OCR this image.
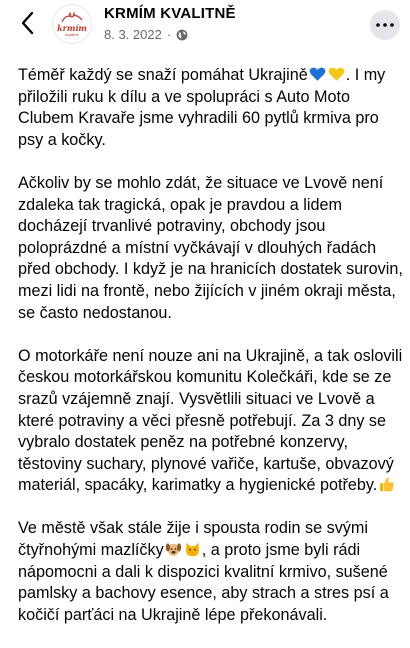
krmím
kvalitně
KRMÍM KVALITNĚ
8. 3. 2022 ·

Téměř každý se snaží pomáhat Ukrajině . I my přiložili ruku k dílu a ve spolupráci s Auto Moto Clubem Kravaře jsme vyhradili 60 pytlů krmiva pro psy a kočky.

Ačkoliv by se mohlo zdát, že situace ve Lvově není zdaleka tak tragická, opak je pravdou a lidem docházejí trvanlivé potraviny, obchody jsou poloprázdné a místní vyčkávají v dlouhých řadách před obchody. I když je na hranicích dostatek surovin, mezi lidi na frontě, nebo žijících v jiném okraji města, se často nedostanou.

O motorkáře není nouze ani na Ukrajině, a tak oslovili českou motorkářskou komunitu Kolečkáři, kde se ze srazů vzájemně znají. Vysvětlili situaci ve Lvově a které potraviny a věci přesně potřebují. Za 3 dny se vybralo dostatek peněz na potřebné konzervy, těstoviny suchary, plynové vařiče, kartuše, obvazový materiál, spacáky, karimatky a hygienické potřeby.

Ve městě však stále žije i spousta rodin se svými čtyřnohými mazlíčky , a proto jsme byli rádi nápomocni a dali k dispozici kvalitní krmivo, sušené pamlsky a bachovy esence, aby strach a stres psí a kočičí parťáci na Ukrajině lépe překonávali.
